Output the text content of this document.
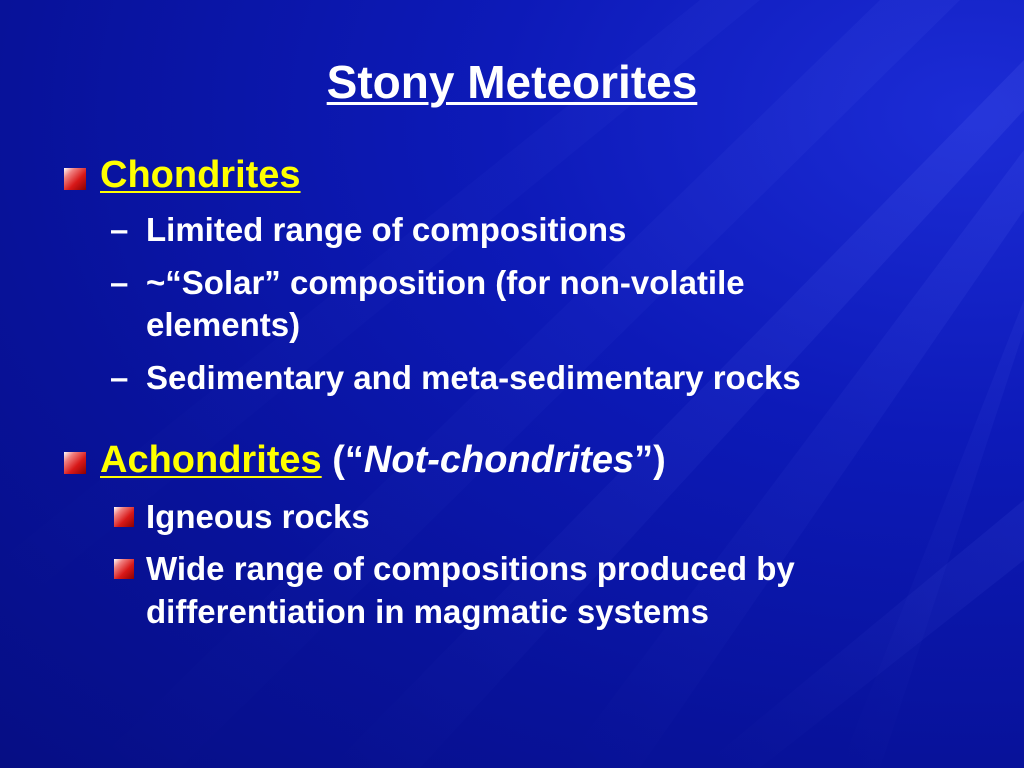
Stony Meteorites
Chondrites
– Limited range of compositions
– ~“Solar” composition (for non-volatile
elements)
– Sedimentary and meta-sedimentary rocks
Achondrites (“Not-chondrites”)
Igneous rocks
Wide range of compositions produced by
differentiation in magmatic systems
